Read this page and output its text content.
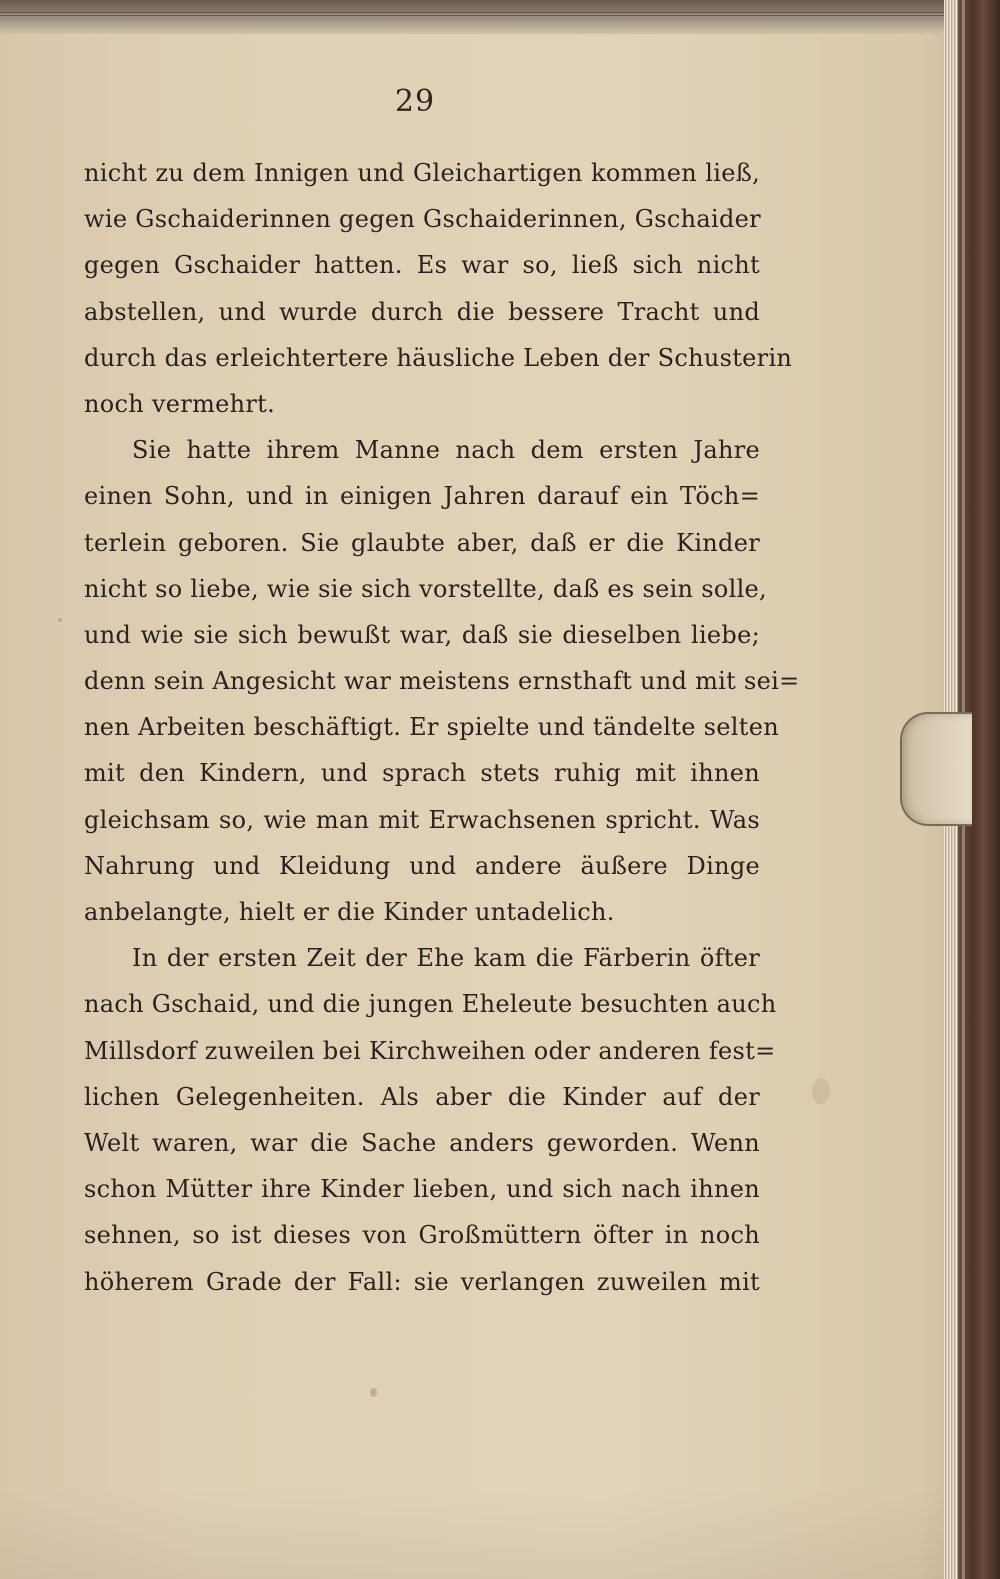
29
nicht zu dem Innigen und Gleichartigen kommen ließ,
wie Gschaiderinnen gegen Gschaiderinnen, Gschaider
gegen Gschaider hatten. Es war so, ließ sich nicht
abstellen, und wurde durch die bessere Tracht und
durch das erleichtertere häusliche Leben der Schusterin
noch vermehrt.
Sie hatte ihrem Manne nach dem ersten Jahre
einen Sohn, und in einigen Jahren darauf ein Töch=
terlein geboren. Sie glaubte aber, daß er die Kinder
nicht so liebe, wie sie sich vorstellte, daß es sein solle,
und wie sie sich bewußt war, daß sie dieselben liebe;
denn sein Angesicht war meistens ernsthaft und mit sei=
nen Arbeiten beschäftigt. Er spielte und tändelte selten
mit den Kindern, und sprach stets ruhig mit ihnen
gleichsam so, wie man mit Erwachsenen spricht. Was
Nahrung und Kleidung und andere äußere Dinge
anbelangte, hielt er die Kinder untadelich.
In der ersten Zeit der Ehe kam die Färberin öfter
nach Gschaid, und die jungen Eheleute besuchten auch
Millsdorf zuweilen bei Kirchweihen oder anderen fest=
lichen Gelegenheiten. Als aber die Kinder auf der
Welt waren, war die Sache anders geworden. Wenn
schon Mütter ihre Kinder lieben, und sich nach ihnen
sehnen, so ist dieses von Großmüttern öfter in noch
höherem Grade der Fall: sie verlangen zuweilen mit
